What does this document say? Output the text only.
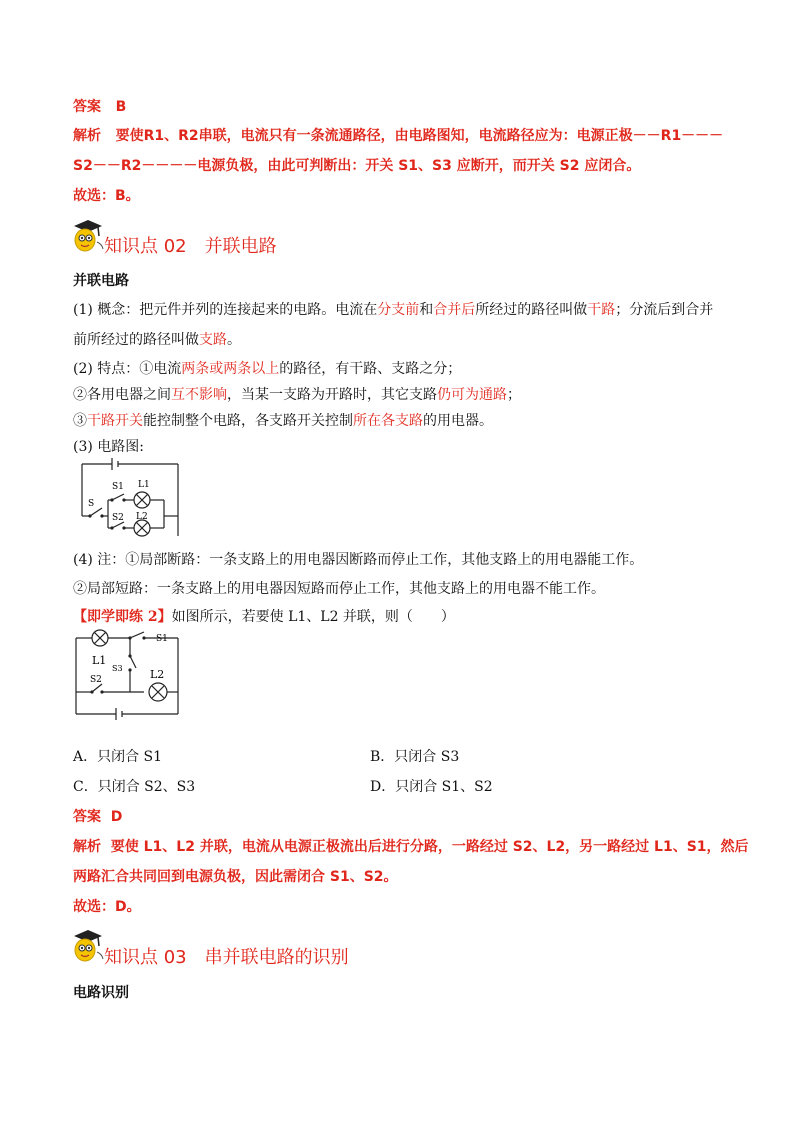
答案 B
解析 要使R1、R2串联，电流只有一条流通路径，由电路图知，电流路径应为：电源正极－－R1－－－
S2－－R2－－－－电源负极，由此可判断出：开关 S1、S3 应断开，而开关 S2 应闭合。
故选：B。
知识点 02　并联电路
并联电路
(1) 概念：把元件并列的连接起来的电路。电流在分支前和合并后所经过的路径叫做干路；分流后到合并
前所经过的路径叫做支路。
(2) 特点：①电流两条或两条以上的路径，有干路、支路之分；
②各用电器之间互不影响，当某一支路为开路时，其它支路仍可为通路；
③干路开关能控制整个电路，各支路开关控制所在各支路的用电器。
(3) 电路图:
S
S1 L1
S2 L2
(4) 注：①局部断路：一条支路上的用电器因断路而停止工作，其他支路上的用电器能工作。
②局部短路：一条支路上的用电器因短路而停止工作，其他支路上的用电器不能工作。
【即学即练 2】如图所示，若要使 L1、L2 并联，则（　　）
S1
L1
S3
S2	L2
A．只闭合 S1	B．只闭合 S3
C．只闭合 S2、S3	D．只闭合 S1、S2
答案 D
解析 要使 L1、L2 并联，电流从电源正极流出后进行分路，一路经过 S2、L2，另一路经过 L1、S1，然后
两路汇合共同回到电源负极，因此需闭合 S1、S2。
故选：D。
知识点 03　串并联电路的识别
电路识别
